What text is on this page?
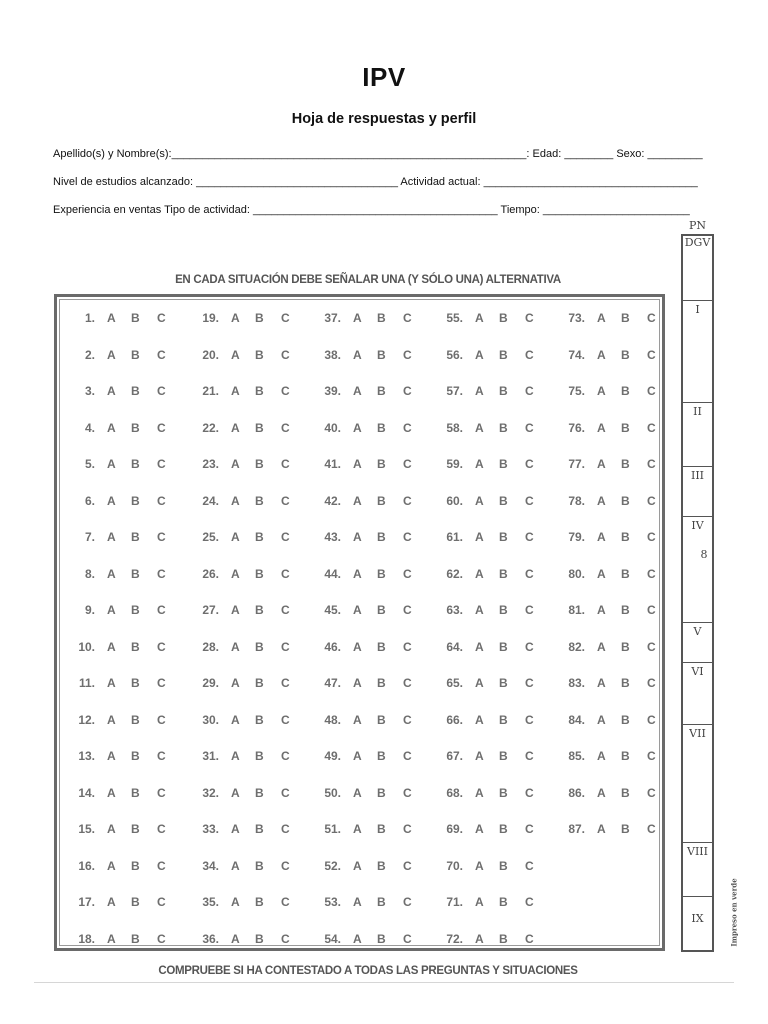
IPV
Hoja de respuestas y perfil
Apellido(s) y Nombre(s):__________________________________________________________: Edad: ________ Sexo: _________
Nivel de estudios alcanzado: _________________________________ Actividad actual: ___________________________________
Experiencia en ventas Tipo de actividad: ________________________________________ Tiempo: ________________________
EN CADA SITUACIÓN DEBE SEÑALAR UNA (Y SÓLO UNA) ALTERNATIVA
1. A B C
2. A B C
3. A B C
4. A B C
5. A B C
6. A B C
7. A B C
8. A B C
9. A B C
10. A B C
11. A B C
12. A B C
13. A B C
14. A B C
15. A B C
16. A B C
17. A B C
18. A B C
19. A B C
20. A B C
21. A B C
22. A B C
23. A B C
24. A B C
25. A B C
26. A B C
27. A B C
28. A B C
29. A B C
30. A B C
31. A B C
32. A B C
33. A B C
34. A B C
35. A B C
36. A B C
37. A B C
38. A B C
39. A B C
40. A B C
41. A B C
42. A B C
43. A B C
44. A B C
45. A B C
46. A B C
47. A B C
48. A B C
49. A B C
50. A B C
51. A B C
52. A B C
53. A B C
54. A B C
55. A B C
56. A B C
57. A B C
58. A B C
59. A B C
60. A B C
61. A B C
62. A B C
63. A B C
64. A B C
65. A B C
66. A B C
67. A B C
68. A B C
69. A B C
70. A B C
71. A B C
72. A B C
73. A B C
74. A B C
75. A B C
76. A B C
77. A B C
78. A B C
79. A B C
80. A B C
81. A B C
82. A B C
83. A B C
84. A B C
85. A B C
86. A B C
87. A B C
PN
DGV
I
II
III
IV
V
VI
VII
VIII
IX
8
Impreso en verde
COMPRUEBE SI HA CONTESTADO A TODAS LAS PREGUNTAS Y SITUACIONES
